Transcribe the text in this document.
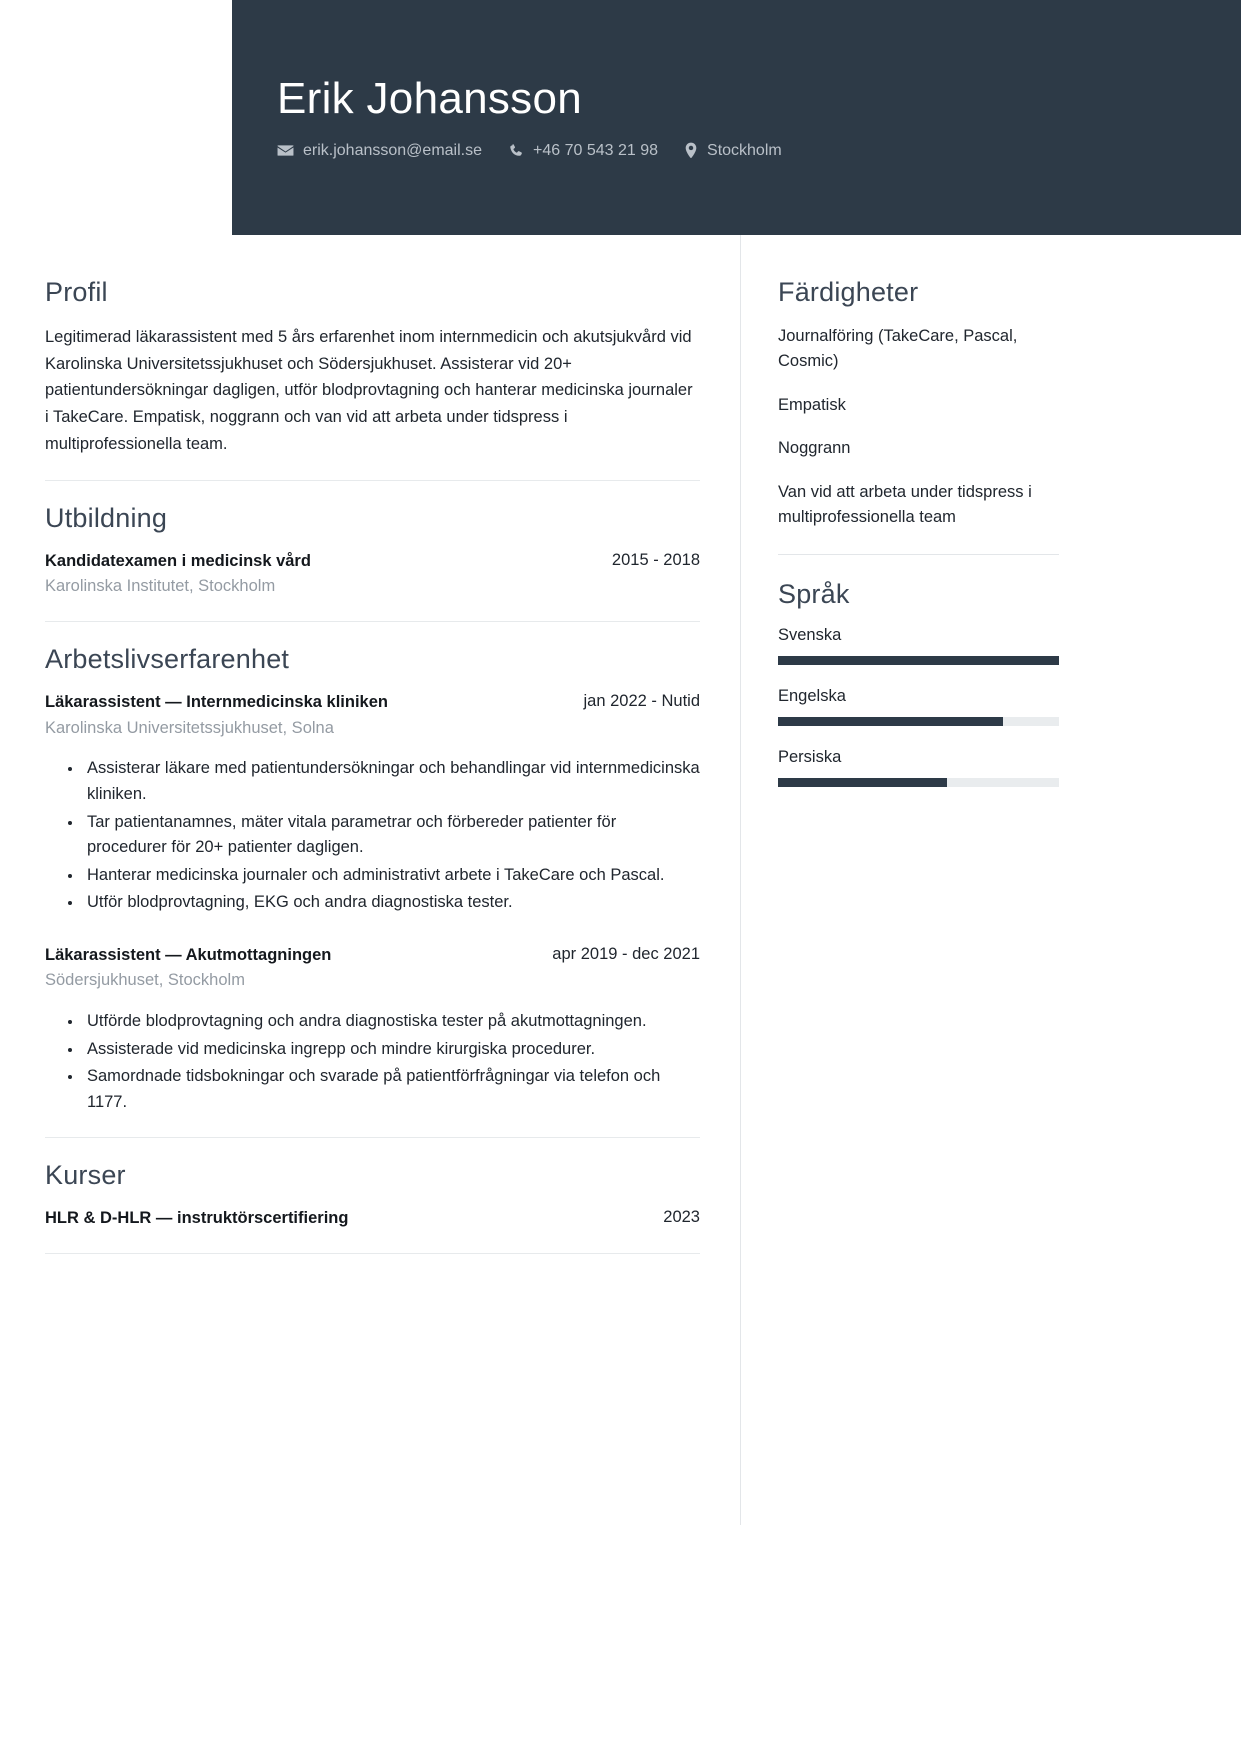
Erik Johansson
erik.johansson@email.se	+46 70 543 21 98	Stockholm
Profil

Legitimerad läkarassistent med 5 års erfarenhet inom internmedicin och akutsjukvård vid Karolinska Universitetssjukhuset och Södersjukhuset. Assisterar vid 20+ patientundersökningar dagligen, utför blodprovtagning och hanterar medicinska journaler i TakeCare. Empatisk, noggrann och van vid att arbeta under tidspress i multiprofessionella team.

Utbildning
Kandidatexamen i medicinsk vård	2015 - 2018
Karolinska Institutet, Stockholm
Arbetslivserfarenhet
Läkarassistent — Internmedicinska kliniken	jan 2022 - Nutid
Karolinska Universitetssjukhuset, Solna
• Assisterar läkare med patientundersökningar och behandlingar vid internmedicinska kliniken.
• Tar patientanamnes, mäter vitala parametrar och förbereder patienter för procedurer för 20+ patienter dagligen.
• Hanterar medicinska journaler och administrativt arbete i TakeCare och Pascal.
• Utför blodprovtagning, EKG och andra diagnostiska tester.
Läkarassistent — Akutmottagningen	apr 2019 - dec 2021
Södersjukhuset, Stockholm
• Utförde blodprovtagning och andra diagnostiska tester på akutmottagningen.
• Assisterade vid medicinska ingrepp och mindre kirurgiska procedurer.
• Samordnade tidsbokningar och svarade på patientförfrågningar via telefon och 1177.
Kurser
HLR & D-HLR — instruktörscertifiering	2023
Färdigheter
Journalföring (TakeCare, Pascal, Cosmic)
Empatisk
Noggrann
Van vid att arbeta under tidspress i multiprofessionella team
Språk
Svenska
Engelska
Persiska
